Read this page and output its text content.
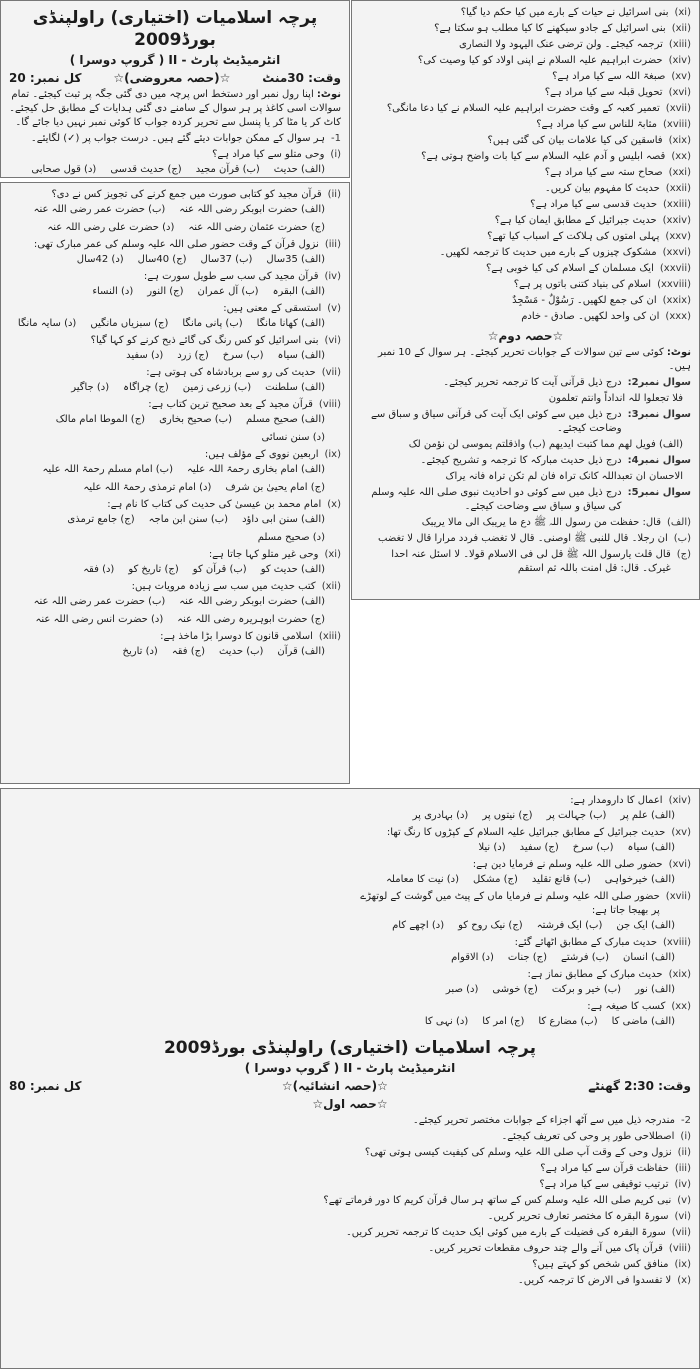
پرچہ اسلامیات (اختیاری) راولپنڈی بورڈ2009

انٹرمیڈیٹ پارٹ - II ( گروپ دوسرا )

وقت: 30منٹ
☆(حصہ معروضی)☆
کل نمبر: 20
نوٹ: اپنا رول نمبر اور دستخط اس پرچہ میں دی گئی جگہ پر ثبت کیجئے۔ تمام سوالات اسی کاغذ پر ہر سوال کے سامنے دی گئی ہدایات کے مطابق حل کیجئے۔ کاٹ کر یا مٹا کر یا پنسل سے تحریر کردہ جواب کا کوئی نمبر نہیں دیا جائے گا۔
1-
ہر سوال کے ممکن جوابات دیئے گئے ہیں۔ درست جواب پر (✓) لگایئے۔
(i)
وحی متلو سے کیا مراد ہے؟
(الف) حدیث
(ب) قرآن مجید
(ج) حدیث قدسی
(د) قول صحابی
(ii)
قرآن مجید کو کتابی صورت میں جمع کرنے کی تجویز کس نے دی؟
(الف) حضرت ابوبکر رضی اللہ عنہ
(ب) حضرت عمر رضی اللہ عنہ
(ج) حضرت عثمان رضی اللہ عنہ
(د) حضرت علی رضی اللہ عنہ
(iii)
نزول قرآن کے وقت حضور صلی اللہ علیہ وسلم کی عمر مبارک تھی:
(الف) 35سال
(ب) 37سال
(ج) 40سال
(د) 42سال
(iv)
قرآن مجید کی سب سے طویل سورت ہے:
(الف) البقرہ
(ب) آل عمران
(ج) النور
(د) النساء
(v)
استسقی کے معنی ہیں:
(الف) کھانا مانگا
(ب) پانی مانگا
(ج) سبزیاں مانگیں
(د) سایہ مانگا
(vi)
بنی اسرائیل کو کس رنگ کی گائے ذبح کرنے کو کہا گیا؟
(الف) سیاہ
(ب) سرخ
(ج) زرد
(د) سفید
(vii)
حدیث کی رو سے بربادشاہ کی ہوتی ہے:
(الف) سلطنت
(ب) زرعی زمین
(ج) چراگاہ
(د) جاگیر
(viii)
قرآن مجید کے بعد صحیح ترین کتاب ہے:
(الف) صحیح مسلم
(ب) صحیح بخاری
(ج) الموطا امام مالک
(د) سنن نسائی
(ix)
اربعین نووی کے مؤلف ہیں:
(الف) امام بخاری رحمۃ اللہ علیہ
(ب) امام مسلم رحمۃ اللہ علیہ
(ج) امام یحییٰ بن شرف
(د) امام ترمذی رحمۃ اللہ علیہ
(x)
امام محمد بن عیسیٰ کی حدیث کی کتاب کا نام ہے:
(الف) سنن ابی داؤد
(ب) سنن ابن ماجہ
(ج) جامع ترمذی
(د) صحیح مسلم
(xi)
وحی غیر متلو کہا جاتا ہے:
(الف) حدیث کو
(ب) قرآن کو
(ج) تاریخ کو
(د) فقہ
(xii)
کتب حدیث میں سب سے زیادہ مرویات ہیں:
(الف) حضرت ابوبکر رضی اللہ عنہ
(ب) حضرت عمر رضی اللہ عنہ
(ج) حضرت ابوہریرہ رضی اللہ عنہ
(د) حضرت انس رضی اللہ عنہ
(xiii)
اسلامی قانون کا دوسرا بڑا ماخذ ہے:
(الف) قرآن
(ب) حدیث
(ج) فقہ
(د) تاریخ
(xiv)
اعمال کا دارومدار ہے:
(الف) علم پر
(ب) جہالت پر
(ج) نیتوں پر
(د) بہادری پر
(xv)
حدیث جبرائیل کے مطابق جبرائیل علیہ السلام کے کپڑوں کا رنگ تھا:
(الف) سیاہ
(ب) سرخ
(ج) سفید
(د) نیلا
(xvi)
حضور صلی اللہ علیہ وسلم نے فرمایا دین ہے:
(الف) خیرخواہی
(ب) قانع تقلید
(ج) مشکل
(د) نیت کا معاملہ
(xvii)
حضور صلی اللہ علیہ وسلم نے فرمایا ماں کے پیٹ میں گوشت کے لوتھڑے پر بھیجا جاتا ہے:
(الف) ایک جن
(ب) ایک فرشتہ
(ج) نیک روح کو
(د) اچھے کام
(xviii)
حدیث مبارک کے مطابق اٹھائے گئے:
(الف) انسان
(ب) فرشتے
(ج) جنات
(د) الاقوام
(xix)
حدیث مبارک کے مطابق نماز ہے:
(الف) نور
(ب) خیر و برکت
(ج) خوشی
(د) صبر
(xx)
کسب کا صیغہ ہے:
(الف) ماضی کا
(ب) مضارع کا
(ج) امر کا
(د) نہی کا

پرچہ اسلامیات (اختیاری) راولپنڈی بورڈ2009

انٹرمیڈیٹ پارٹ - II ( گروپ دوسرا )

وقت: 2:30 گھنٹے
☆(حصہ انشائیہ)☆
کل نمبر: 80

☆حصہ اول☆

2-
مندرجہ ذیل میں سے آٹھ اجزاء کے جوابات مختصر تحریر کیجئے۔
(i)
اصطلاحی طور پر وحی کی تعریف کیجئے۔
(ii)
نزول وحی کے وقت آپ صلی اللہ علیہ وسلم کی کیفیت کیسی ہوتی تھی؟
(iii)
حفاظت قرآن سے کیا مراد ہے؟
(iv)
ترتیب توقیفی سے کیا مراد ہے؟
(v)
نبی کریم صلی اللہ علیہ وسلم کس کے ساتھ ہر سال قرآن کریم کا دور فرماتے تھے؟
(vi)
سورۃ البقرہ کا مختصر تعارف تحریر کریں۔
(vii)
سورۃ البقرہ کی فضیلت کے بارے میں کوئی ایک حدیث کا ترجمہ تحریر کریں۔
(viii)
قرآن پاک میں آنے والے چند حروف مقطعات تحریر کریں۔
(ix)
منافق کس شخص کو کہتے ہیں؟
(x)
لا تفسدوا فی الارض کا ترجمہ کریں۔
(xi)
بنی اسرائیل نے حیات کے بارے میں کیا حکم دیا گیا؟
(xii)
بنی اسرائیل کے جادو سیکھنے کا کیا مطلب ہو سکتا ہے؟
(xiii)
ترجمہ کیجئے۔ ولن ترضی عنک الیہود ولا النصاری
(xiv)
حضرت ابراہیم علیہ السلام نے اپنی اولاد کو کیا وصیت کی؟
(xv)
صبغۃ اللہ سے کیا مراد ہے؟
(xvi)
تحویل قبلہ سے کیا مراد ہے؟
(xvii)
تعمیر کعبہ کے وقت حضرت ابراہیم علیہ السلام نے کیا دعا مانگی؟
(xviii)
مثابۃ للناس سے کیا مراد ہے؟
(xix)
فاسقین کی کیا علامات بیان کی گئی ہیں؟
(xx)
قصہ ابلیس و آدم علیہ السلام سے کیا بات واضح ہوتی ہے؟
(xxi)
صحاح ستہ سے کیا مراد ہے؟
(xxii)
حدیث کا مفہوم بیان کریں۔
(xxiii)
حدیث قدسی سے کیا مراد ہے؟
(xxiv)
حدیث جبرائیل کے مطابق ایمان کیا ہے؟
(xxv)
پہلی امتوں کی ہلاکت کے اسباب کیا تھے؟
(xxvi)
مشکوک چیزوں کے بارے میں حدیث کا ترجمہ لکھیں۔
(xxvii)
ایک مسلمان کے اسلام کی کیا خوبی ہے؟
(xxviii)
اسلام کی بنیاد کتنی باتوں پر ہے؟
(xxix)
ان کی جمع لکھیں۔ رَسُوْلٌ - مَسْجِدٌ
(xxx)
ان کی واحد لکھیں۔ صادق - خادم

☆حصہ دوم☆

نوٹ: کوئی سے تین سوالات کے جوابات تحریر کیجئے۔ ہر سوال کے 10 نمبر ہیں۔
سوال نمبر2:
درج ذیل قرآنی آیت کا ترجمہ تحریر کیجئے۔
فلا تجعلوا للہ انداداً وانتم تعلمون
سوال نمبر3:
درج ذیل میں سے کوئی ایک آیت کی قرآنی سیاق و سباق سے وضاحت کیجئے۔
(الف) فویل لھم مما کتبت ایدیھم (ب) واذقلتم یموسی لن نؤمن لک
سوال نمبر4:
درج ذیل حدیث مبارکہ کا ترجمہ و تشریح کیجئے۔
الاحسان ان تعبداللہ کانک تراہ فان لم تکن تراہ فانہ یراک
سوال نمبر5:
درج ذیل میں سے کوئی دو احادیث نبوی صلی اللہ علیہ وسلم کی سیاق و سباق سے وضاحت کیجئے۔
(الف)
قال: حفظت من رسول اللہ ﷺ دع ما یریبک الی مالا یریبک
(ب)
ان رجلا۔ قال للنبی ﷺ اوصنی۔ قال لا تغضب فردد مرارا قال لا تغضب
(ج)
قال قلت یارسول اللہ ﷺ قل لی فی الاسلام قولا۔ لا اسئل عنہ احدا غیرک۔ قال: قل امنت باللہ ثم استقم
